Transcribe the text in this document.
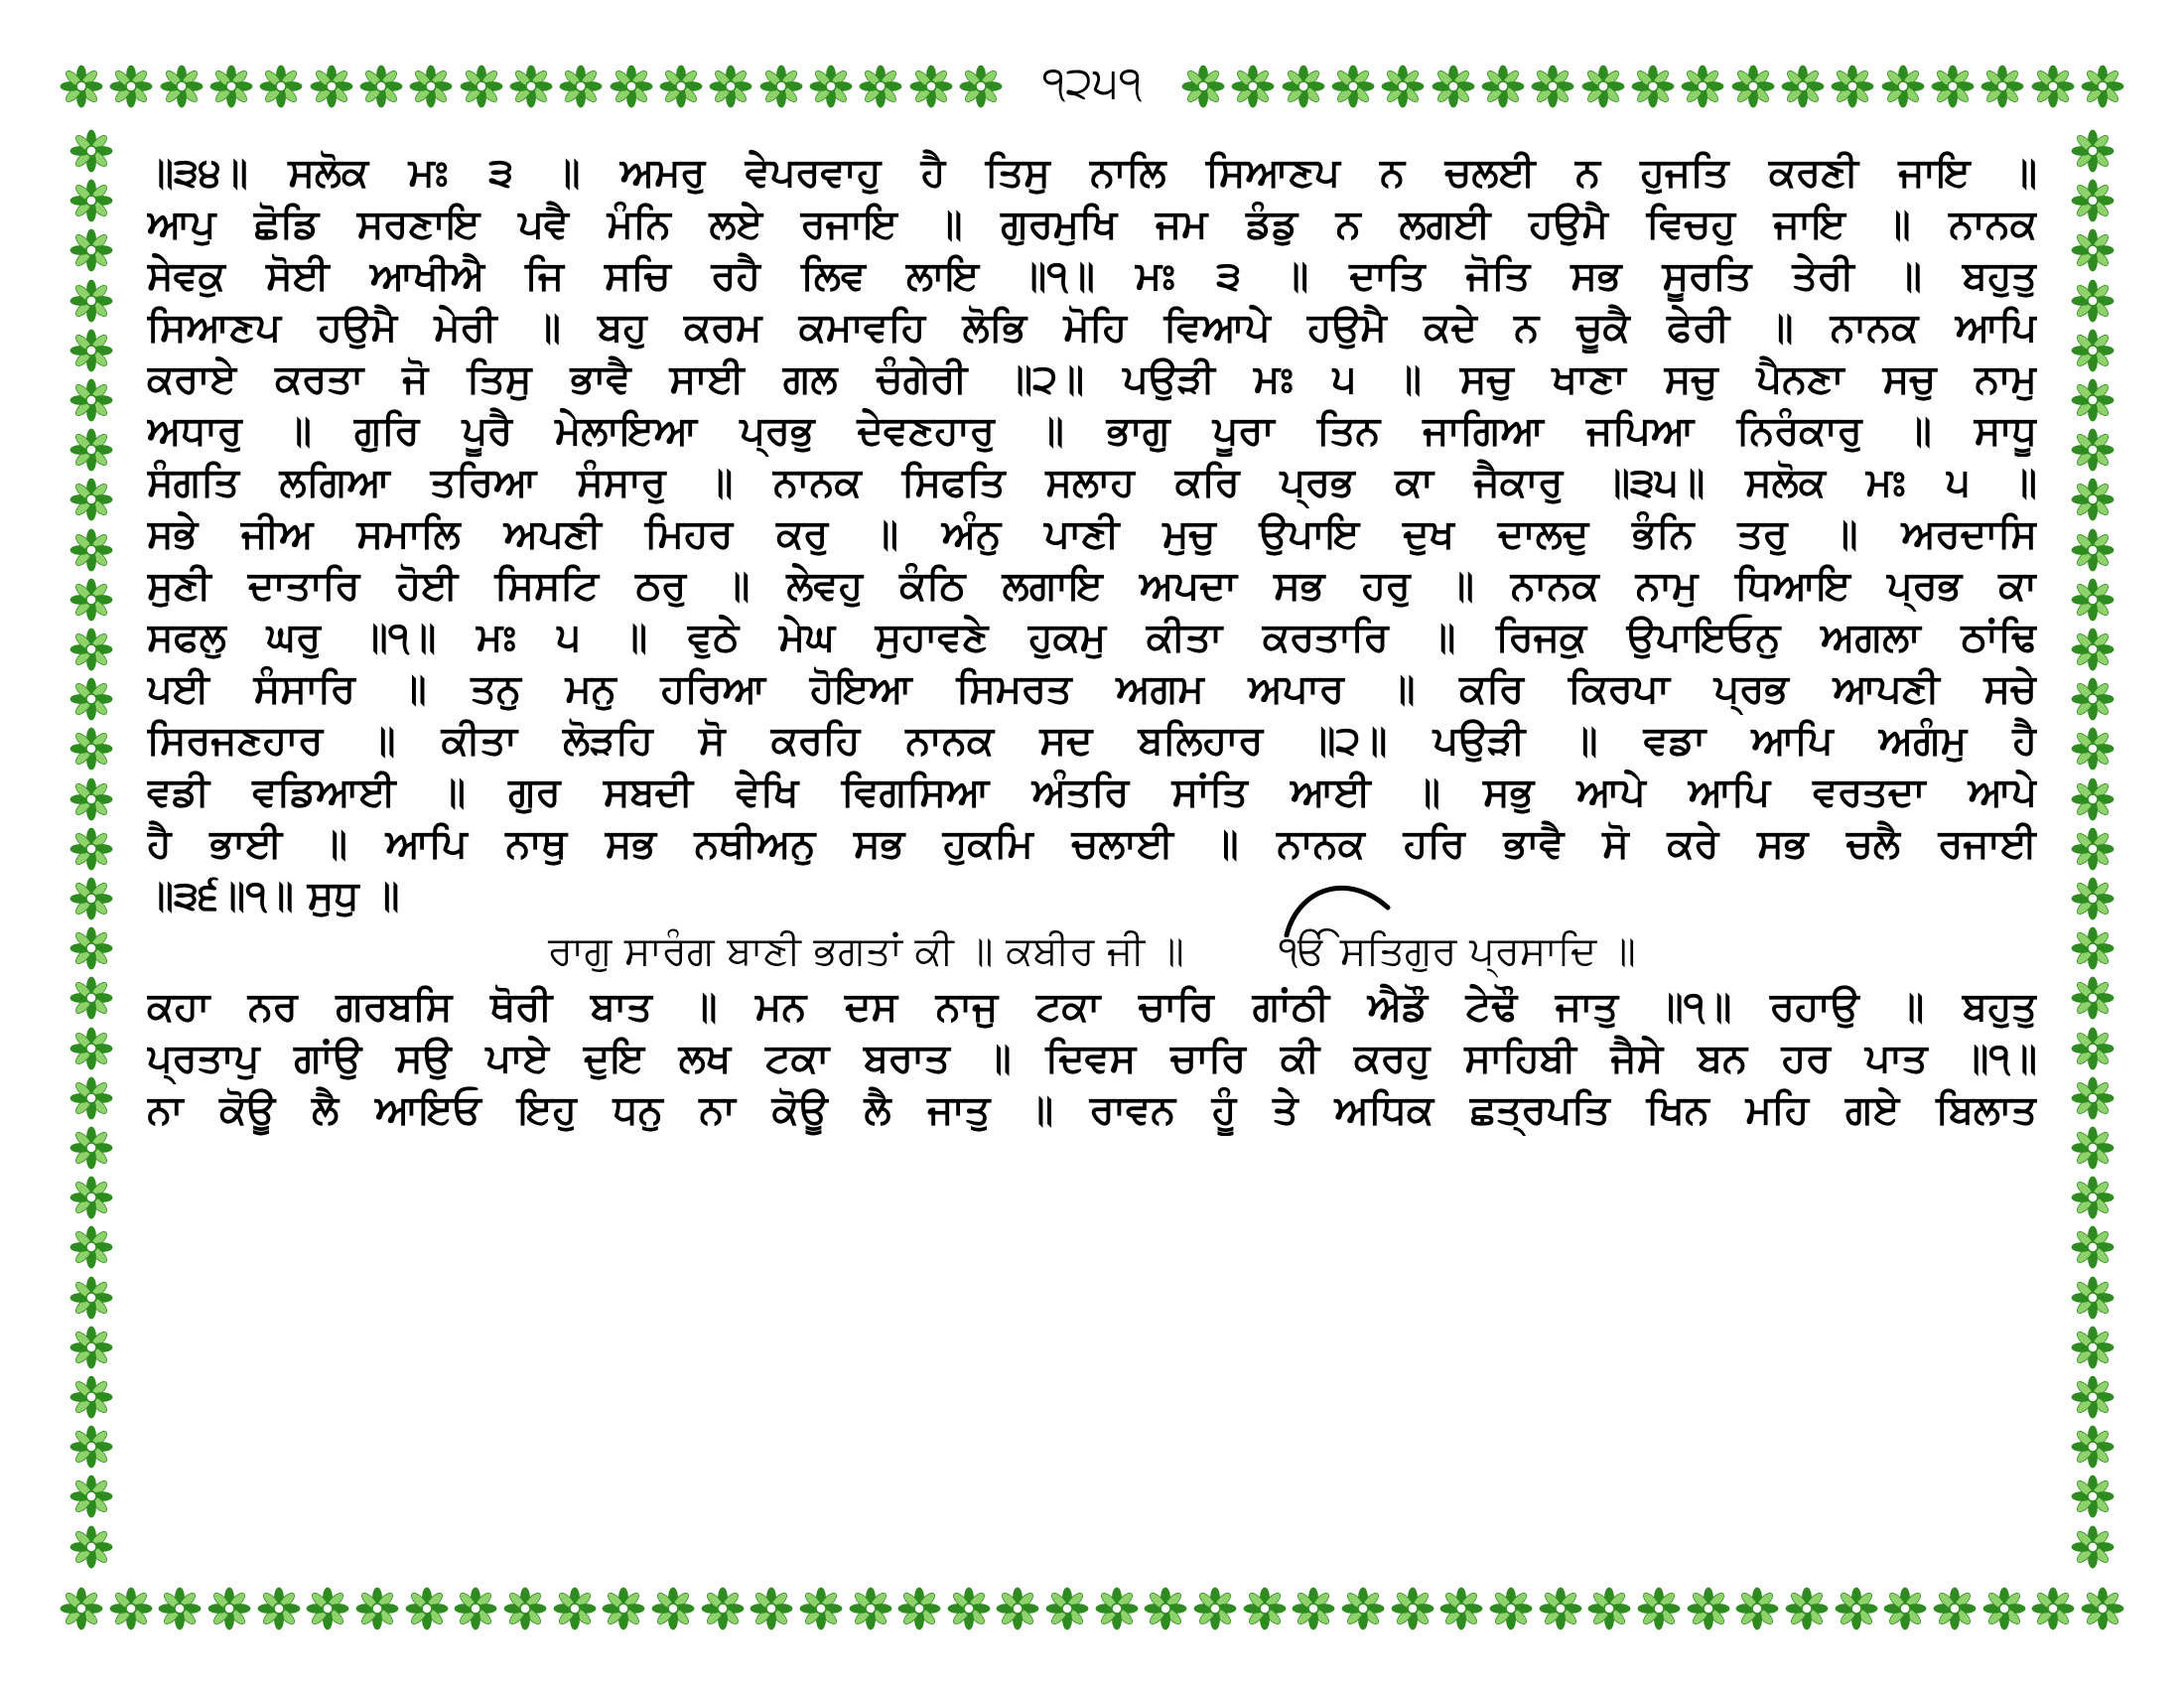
੧੨੫੧
॥੩੪॥ ਸਲੋਕ ਮਃ ੩ ॥ ਅਮਰੁ ਵੇਪਰਵਾਹੁ ਹੈ ਤਿਸੁ ਨਾਲਿ ਸਿਆਣਪ ਨ ਚਲਈ ਨ ਹੁਜਤਿ ਕਰਣੀ ਜਾਇ ॥
ਆਪੁ ਛੋਡਿ ਸਰਣਾਇ ਪਵੈ ਮੰਨਿ ਲਏ ਰਜਾਇ ॥ ਗੁਰਮੁਖਿ ਜਮ ਡੰਡੁ ਨ ਲਗਈ ਹਉਮੈ ਵਿਚਹੁ ਜਾਇ ॥ ਨਾਨਕ
ਸੇਵਕੁ ਸੋਈ ਆਖੀਐ ਜਿ ਸਚਿ ਰਹੈ ਲਿਵ ਲਾਇ ॥੧॥ ਮਃ ੩ ॥ ਦਾਤਿ ਜੋਤਿ ਸਭ ਸੂਰਤਿ ਤੇਰੀ ॥ ਬਹੁਤੁ
ਸਿਆਣਪ ਹਉਮੈ ਮੇਰੀ ॥ ਬਹੁ ਕਰਮ ਕਮਾਵਹਿ ਲੋਭਿ ਮੋਹਿ ਵਿਆਪੇ ਹਉਮੈ ਕਦੇ ਨ ਚੂਕੈ ਫੇਰੀ ॥ ਨਾਨਕ ਆਪਿ
ਕਰਾਏ ਕਰਤਾ ਜੋ ਤਿਸੁ ਭਾਵੈ ਸਾਈ ਗਲ ਚੰਗੇਰੀ ॥੨॥ ਪਉੜੀ ਮਃ ੫ ॥ ਸਚੁ ਖਾਣਾ ਸਚੁ ਪੈਨਣਾ ਸਚੁ ਨਾਮੁ
ਅਧਾਰੁ ॥ ਗੁਰਿ ਪੂਰੈ ਮੇਲਾਇਆ ਪ੍ਰਭੁ ਦੇਵਣਹਾਰੁ ॥ ਭਾਗੁ ਪੂਰਾ ਤਿਨ ਜਾਗਿਆ ਜਪਿਆ ਨਿਰੰਕਾਰੁ ॥ ਸਾਧੂ
ਸੰਗਤਿ ਲਗਿਆ ਤਰਿਆ ਸੰਸਾਰੁ ॥ ਨਾਨਕ ਸਿਫਤਿ ਸਲਾਹ ਕਰਿ ਪ੍ਰਭ ਕਾ ਜੈਕਾਰੁ ॥੩੫॥ ਸਲੋਕ ਮਃ ੫ ॥
ਸਭੇ ਜੀਅ ਸਮਾਲਿ ਅਪਣੀ ਮਿਹਰ ਕਰੁ ॥ ਅੰਨੁ ਪਾਣੀ ਮੁਚੁ ਉਪਾਇ ਦੁਖ ਦਾਲਦੁ ਭੰਨਿ ਤਰੁ ॥ ਅਰਦਾਸਿ
ਸੁਣੀ ਦਾਤਾਰਿ ਹੋਈ ਸਿਸਟਿ ਠਰੁ ॥ ਲੇਵਹੁ ਕੰਠਿ ਲਗਾਇ ਅਪਦਾ ਸਭ ਹਰੁ ॥ ਨਾਨਕ ਨਾਮੁ ਧਿਆਇ ਪ੍ਰਭ ਕਾ
ਸਫਲੁ ਘਰੁ ॥੧॥ ਮਃ ੫ ॥ ਵੁਠੇ ਮੇਘ ਸੁਹਾਵਣੇ ਹੁਕਮੁ ਕੀਤਾ ਕਰਤਾਰਿ ॥ ਰਿਜਕੁ ਉਪਾਇਓਨੁ ਅਗਲਾ ਠਾਂਢਿ
ਪਈ ਸੰਸਾਰਿ ॥ ਤਨੁ ਮਨੁ ਹਰਿਆ ਹੋਇਆ ਸਿਮਰਤ ਅਗਮ ਅਪਾਰ ॥ ਕਰਿ ਕਿਰਪਾ ਪ੍ਰਭ ਆਪਣੀ ਸਚੇ
ਸਿਰਜਣਹਾਰ ॥ ਕੀਤਾ ਲੋੜਹਿ ਸੋ ਕਰਹਿ ਨਾਨਕ ਸਦ ਬਲਿਹਾਰ ॥੨॥ ਪਉੜੀ ॥ ਵਡਾ ਆਪਿ ਅਗੰਮੁ ਹੈ
ਵਡੀ ਵਡਿਆਈ ॥ ਗੁਰ ਸਬਦੀ ਵੇਖਿ ਵਿਗਸਿਆ ਅੰਤਰਿ ਸਾਂਤਿ ਆਈ ॥ ਸਭੁ ਆਪੇ ਆਪਿ ਵਰਤਦਾ ਆਪੇ
ਹੈ ਭਾਈ ॥ ਆਪਿ ਨਾਥੁ ਸਭ ਨਥੀਅਨੁ ਸਭ ਹੁਕਮਿ ਚਲਾਈ ॥ ਨਾਨਕ ਹਰਿ ਭਾਵੈ ਸੋ ਕਰੇ ਸਭ ਚਲੈ ਰਜਾਈ
॥੩੬॥੧॥ ਸੁਧੁ ॥
ਰਾਗੁ ਸਾਰੰਗ ਬਾਣੀ ਭਗਤਾਂ ਕੀ ॥ ਕਬੀਰ ਜੀ ॥ ੴ ਸਤਿਗੁਰ ਪ੍ਰਸਾਦਿ ॥
ਕਹਾ ਨਰ ਗਰਬਸਿ ਥੋਰੀ ਬਾਤ ॥ ਮਨ ਦਸ ਨਾਜੁ ਟਕਾ ਚਾਰਿ ਗਾਂਠੀ ਐਡੌ ਟੇਢੌ ਜਾਤੁ ॥੧॥ ਰਹਾਉ ॥ ਬਹੁਤੁ
ਪ੍ਰਤਾਪੁ ਗਾਂਉ ਸਉ ਪਾਏ ਦੁਇ ਲਖ ਟਕਾ ਬਰਾਤ ॥ ਦਿਵਸ ਚਾਰਿ ਕੀ ਕਰਹੁ ਸਾਹਿਬੀ ਜੈਸੇ ਬਨ ਹਰ ਪਾਤ ॥੧॥
ਨਾ ਕੋਊ ਲੈ ਆਇਓ ਇਹੁ ਧਨੁ ਨਾ ਕੋਊ ਲੈ ਜਾਤੁ ॥ ਰਾਵਨ ਹੂੰ ਤੇ ਅਧਿਕ ਛਤ੍ਰਪਤਿ ਖਿਨ ਮਹਿ ਗਏ ਬਿਲਾਤ
